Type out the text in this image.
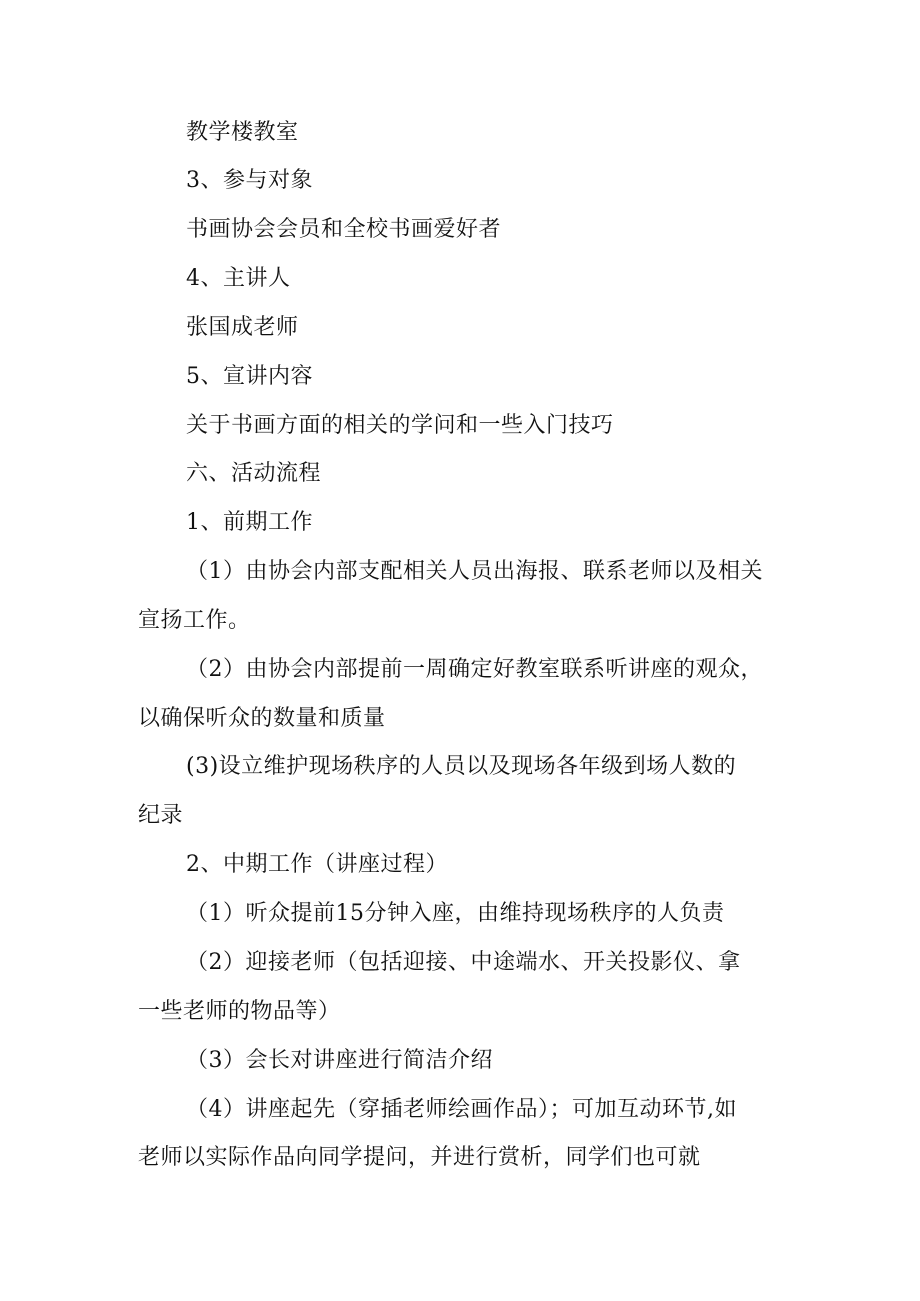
教学楼教室
3、参与对象
书画协会会员和全校书画爱好者
4、主讲人
张国成老师
5、宣讲内容
关于书画方面的相关的学问和一些入门技巧
六、活动流程
1、前期工作
（1）由协会内部支配相关人员出海报、联系老师以及相关
宣扬工作。
（2）由协会内部提前一周确定好教室联系听讲座的观众，
以确保听众的数量和质量
(3)设立维护现场秩序的人员以及现场各年级到场人数的
纪录
2、中期工作（讲座过程）
（1）听众提前15分钟入座，由维持现场秩序的人负责
（2）迎接老师（包括迎接、中途端水、开关投影仪、拿
一些老师的物品等）
（3）会长对讲座进行简洁介绍
（4）讲座起先（穿插老师绘画作品）；可加互动环节,如
老师以实际作品向同学提问，并进行赏析，同学们也可就
